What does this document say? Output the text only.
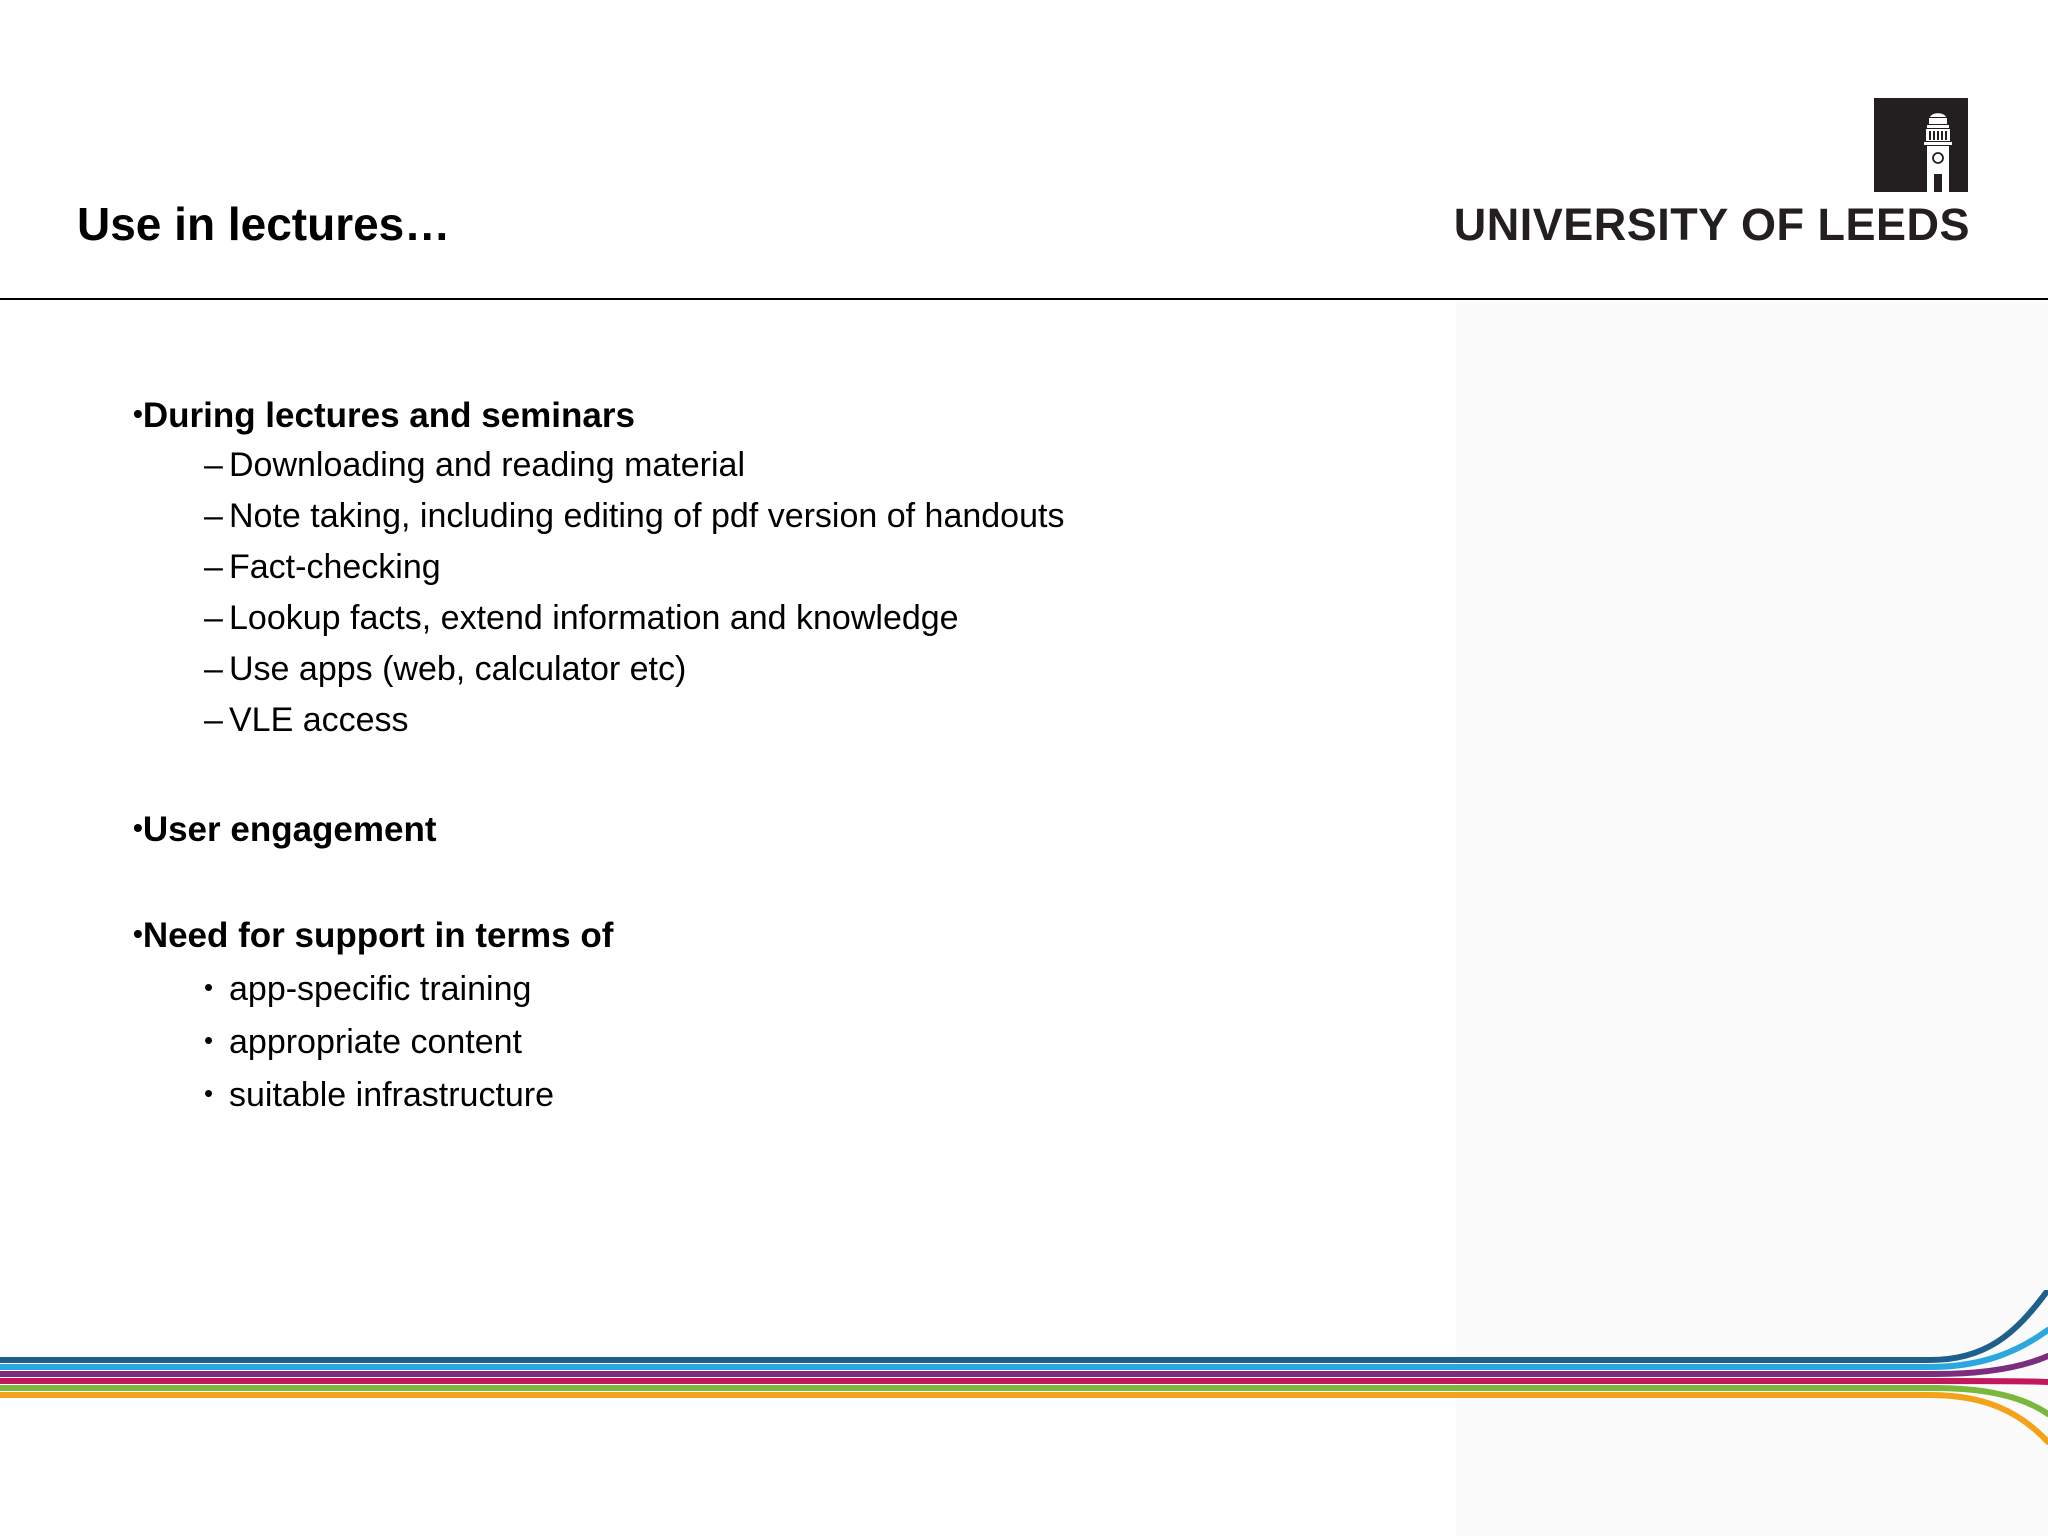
Use in lectures…	UNIVERSITY OF LEEDS
•During lectures and seminars
– Downloading and reading material
– Note taking, including editing of pdf version of handouts
– Fact-checking
– Lookup facts, extend information and knowledge
– Use apps (web, calculator etc)
– VLE access
•User engagement
•Need for support in terms of
• app-specific training
• appropriate content
• suitable infrastructure
